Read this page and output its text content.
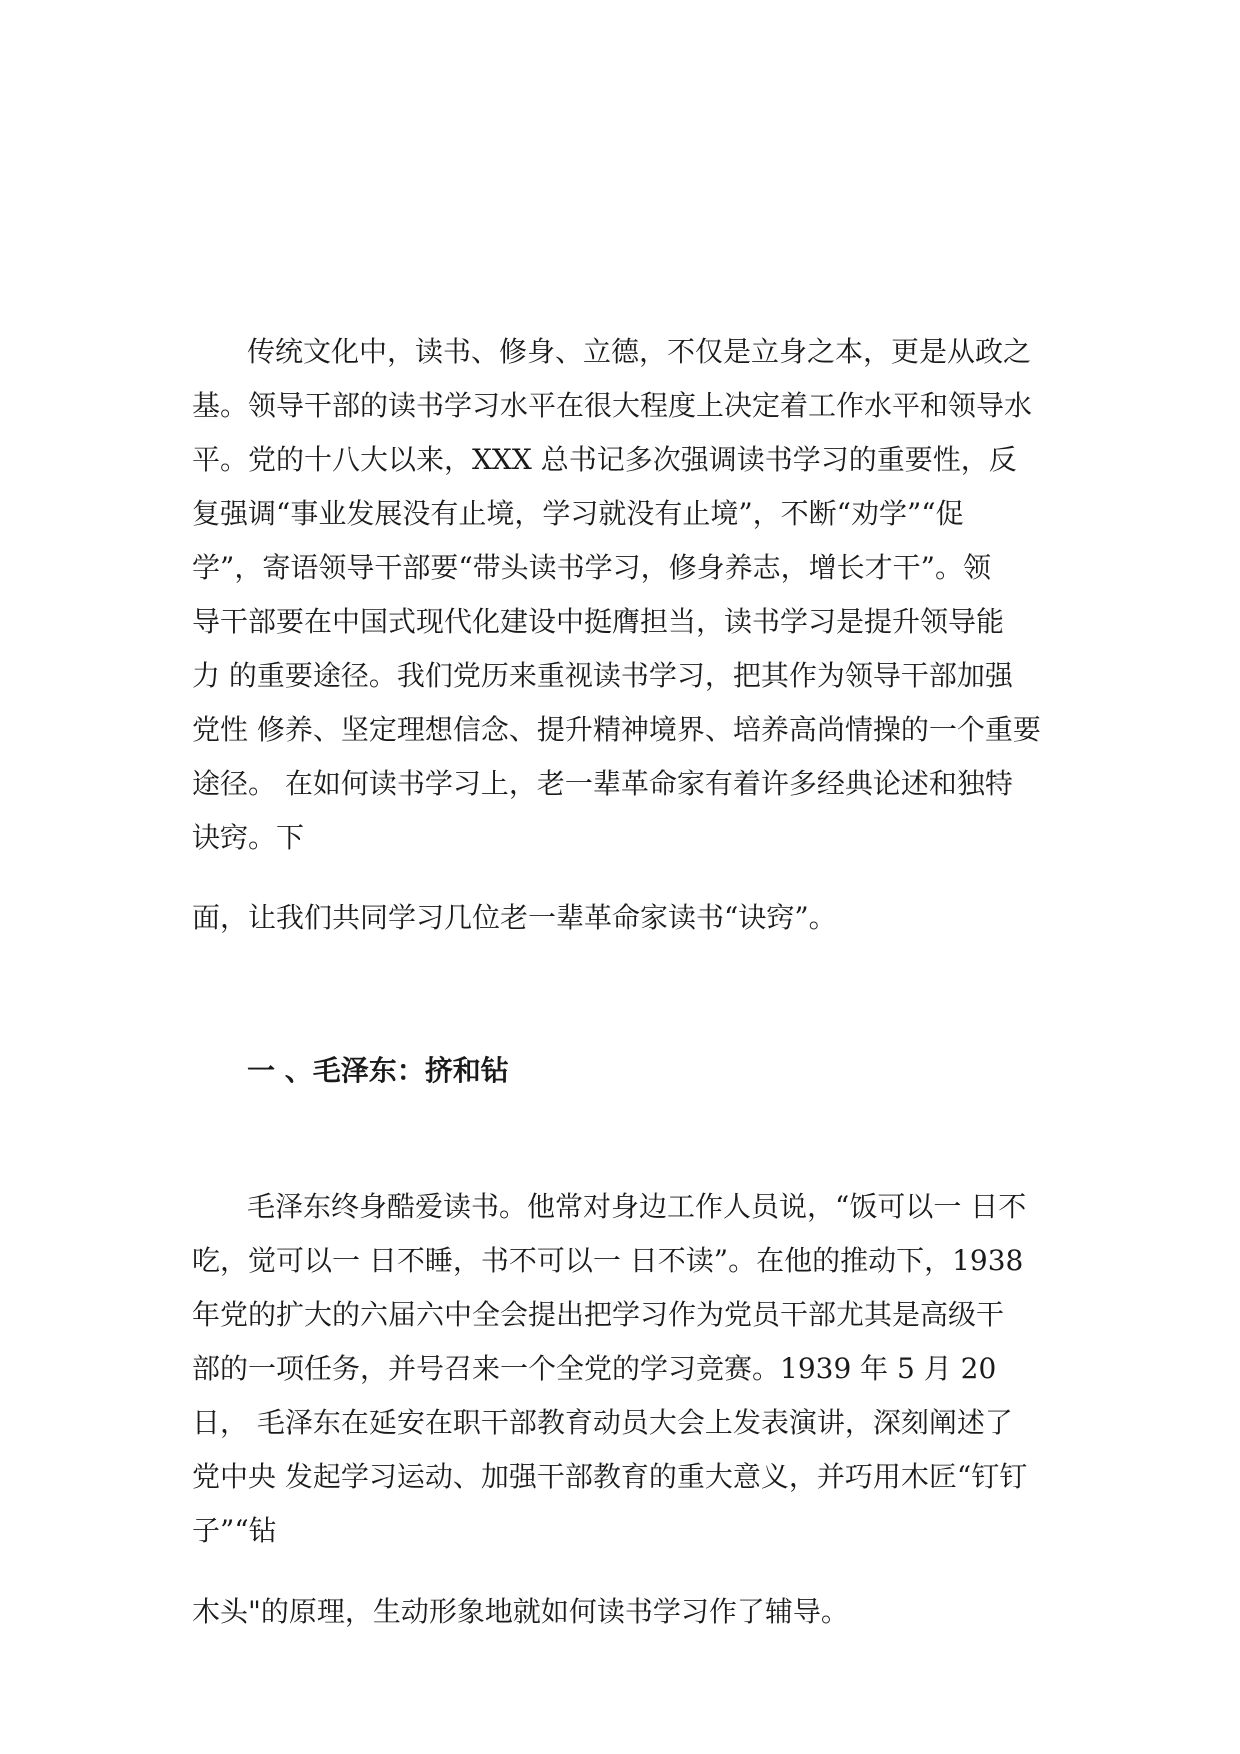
传统文化中，读书、修身、立德，不仅是立身之本，更是从政之

基。领导干部的读书学习水平在很大程度上决定着工作水平和领导水

平。党的十八大以来，XXX 总书记多次强调读书学习的重要性，反

复强调“事业发展没有止境，学习就没有止境”，不断“劝学”“促

学”，寄语领导干部要“带头读书学习，修身养志，增长才干”。领

导干部要在中国式现代化建设中挺膺担当，读书学习是提升领导能

力 的重要途径。我们党历来重视读书学习，把其作为领导干部加强

党性 修养、坚定理想信念、提升精神境界、培养高尚情操的一个重要

途径。 在如何读书学习上，老一辈革命家有着许多经典论述和独特

诀窍。下

面，让我们共同学习几位老一辈革命家读书“诀窍”。

一 、毛泽东：挤和钻

毛泽东终身酷爱读书。他常对身边工作人员说，“饭可以一 日不

吃，觉可以一 日不睡，书不可以一 日不读”。在他的推动下，1938

年党的扩大的六届六中全会提出把学习作为党员干部尤其是高级干

部的一项任务，并号召来一个全党的学习竞赛。1939 年 5 月 20

日， 毛泽东在延安在职干部教育动员大会上发表演讲，深刻阐述了

党中央 发起学习运动、加强干部教育的重大意义，并巧用木匠“钉钉

子”“钻

木头"的原理，生动形象地就如何读书学习作了辅导。
